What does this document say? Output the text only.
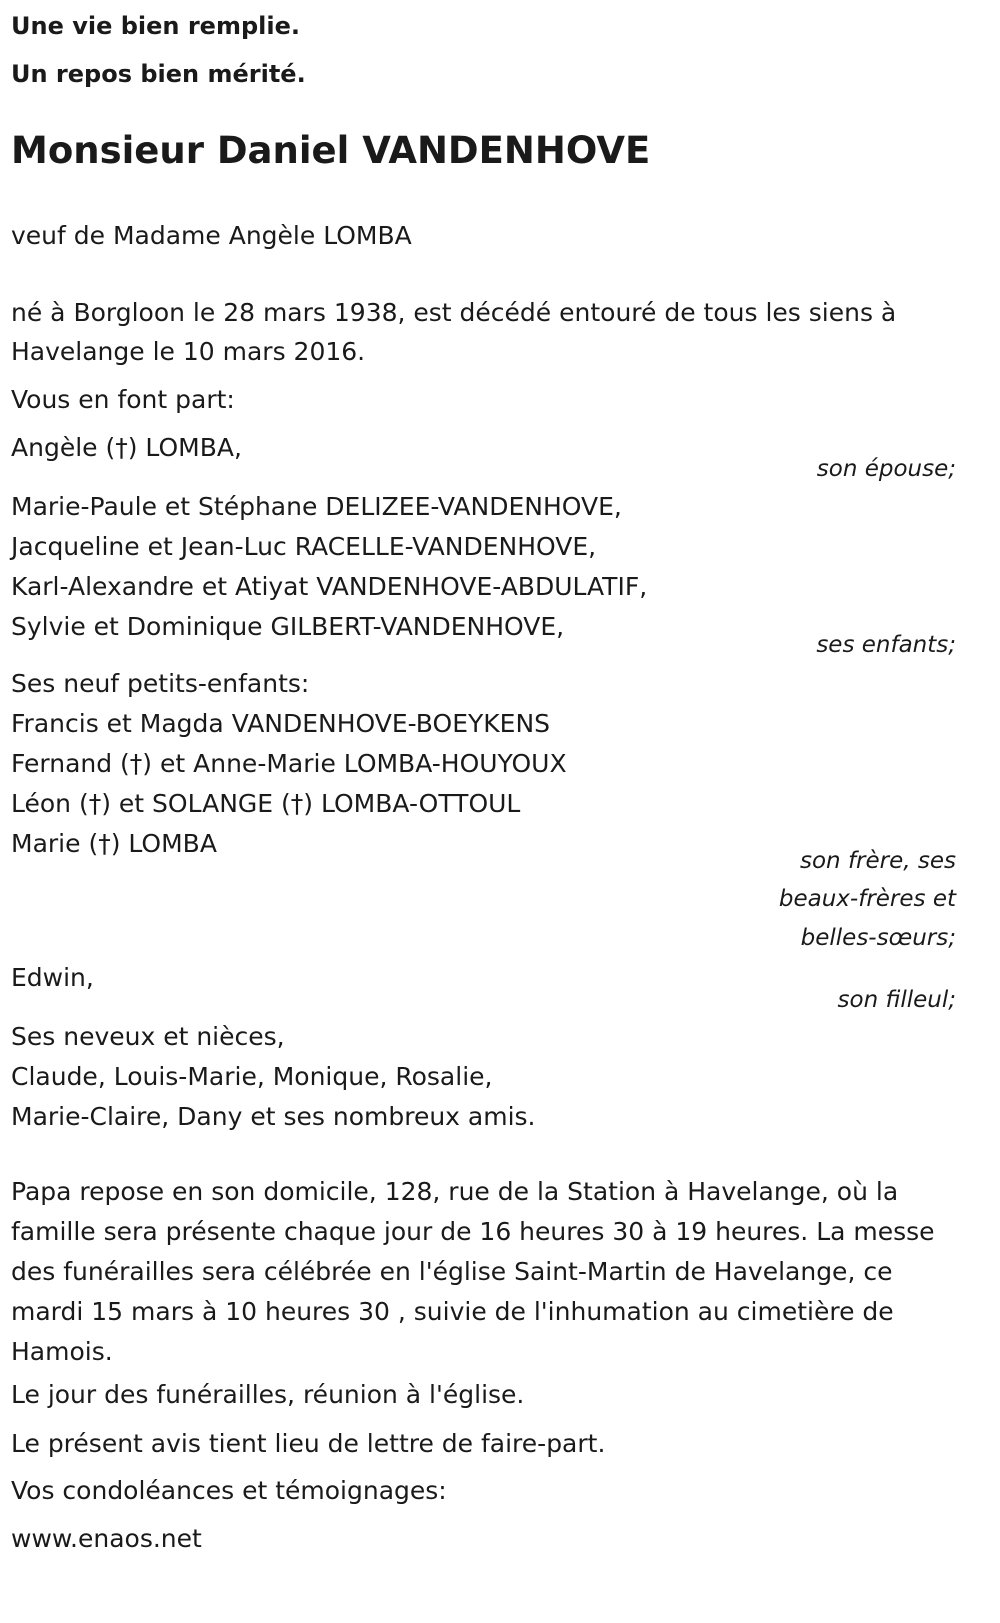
Une vie bien remplie.
Un repos bien mérité.
Monsieur Daniel VANDENHOVE
veuf de Madame Angèle LOMBA
né à Borgloon le 28 mars 1938, est décédé entouré de tous les siens à
Havelange le 10 mars 2016.
Vous en font part:
Angèle (†) LOMBA,
son épouse;
Marie-Paule et Stéphane DELIZEE-VANDENHOVE,
Jacqueline et Jean-Luc RACELLE-VANDENHOVE,
Karl-Alexandre et Atiyat VANDENHOVE-ABDULATIF,
Sylvie et Dominique GILBERT-VANDENHOVE,
ses enfants;
Ses neuf petits-enfants:
Francis et Magda VANDENHOVE-BOEYKENS
Fernand (†) et Anne-Marie LOMBA-HOUYOUX
Léon (†) et SOLANGE (†) LOMBA-OTTOUL
Marie (†) LOMBA
son frère, ses
beaux-frères et
belles-sœurs;
Edwin,
son filleul;
Ses neveux et nièces,
Claude, Louis-Marie, Monique, Rosalie,
Marie-Claire, Dany et ses nombreux amis.
Papa repose en son domicile, 128, rue de la Station à Havelange, où la
famille sera présente chaque jour de 16 heures 30 à 19 heures. La messe
des funérailles sera célébrée en l'église Saint-Martin de Havelange, ce
mardi 15 mars à 10 heures 30 , suivie de l'inhumation au cimetière de
Hamois.
Le jour des funérailles, réunion à l'église.
Le présent avis tient lieu de lettre de faire-part.
Vos condoléances et témoignages:
www.enaos.net
